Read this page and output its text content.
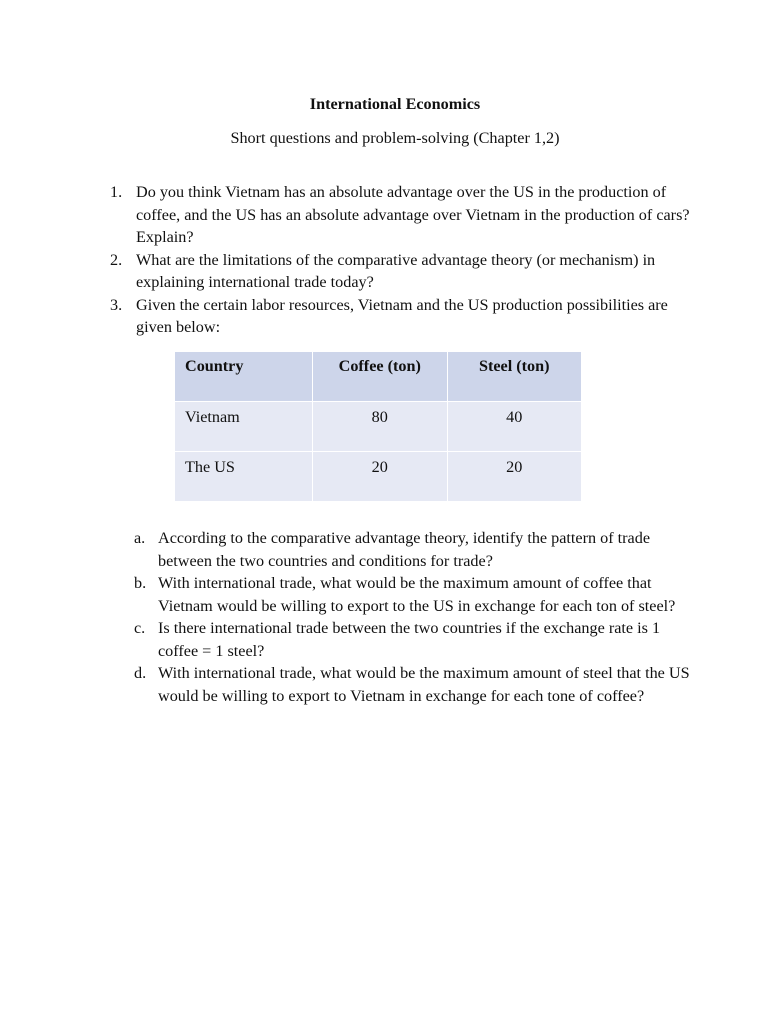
International Economics
Short questions and problem-solving (Chapter 1,2)
1. Do you think Vietnam has an absolute advantage over the US in the production of coffee, and the US has an absolute advantage over Vietnam in the production of cars? Explain?
2. What are the limitations of the comparative advantage theory (or mechanism) in explaining international trade today?
3. Given the certain labor resources, Vietnam and the US production possibilities are given below:
Country	Coffee (ton)	Steel (ton)
Vietnam	80	40
The US	20	20
a. According to the comparative advantage theory, identify the pattern of trade between the two countries and conditions for trade?
b. With international trade, what would be the maximum amount of coffee that Vietnam would be willing to export to the US in exchange for each ton of steel?
c. Is there international trade between the two countries if the exchange rate is 1 coffee = 1 steel?
d. With international trade, what would be the maximum amount of steel that the US would be willing to export to Vietnam in exchange for each tone of coffee?
